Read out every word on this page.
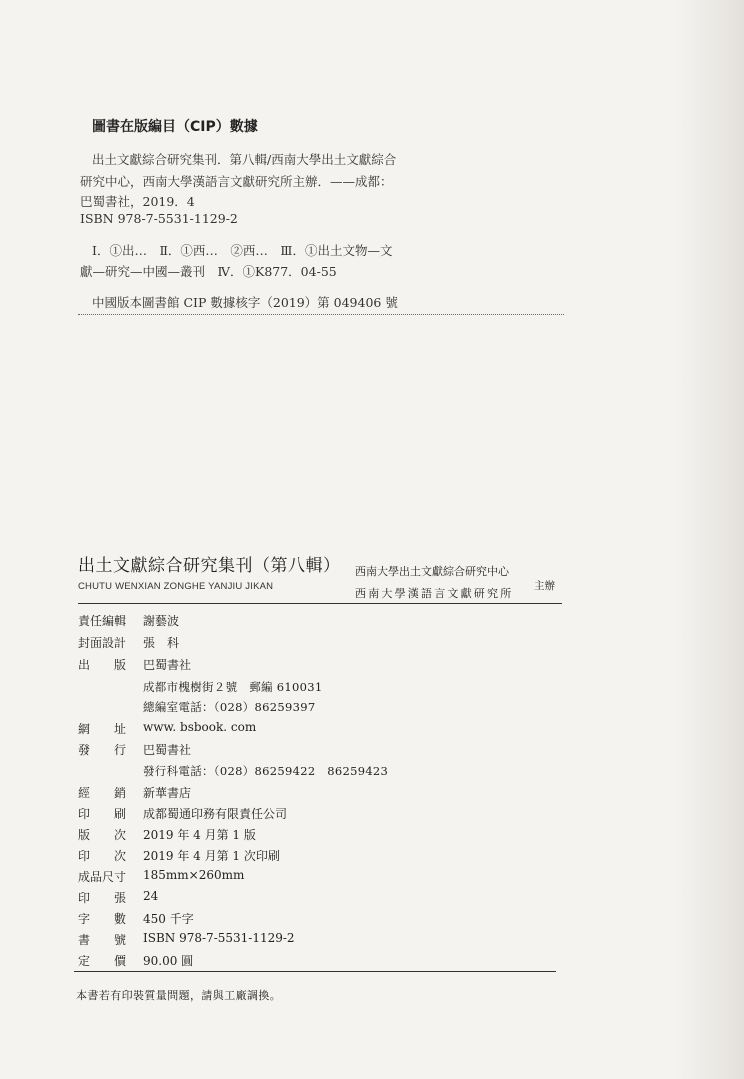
圖書在版編目（CIP）數據
出土文獻綜合研究集刊．第八輯/西南大學出土文獻綜合
研究中心，西南大學漢語言文獻研究所主辦．——成都：
巴蜀書社，2019．4
ISBN 978-7-5531-1129-2
Ⅰ．①出…　Ⅱ．①西…　②西…　Ⅲ．①出土文物—文
獻—研究—中國—叢刊　Ⅳ．①K877．04-55
中國版本圖書館 CIP 數據核字（2019）第 049406 號
出土文獻綜合研究集刊（第八輯）
CHUTU WENXIAN ZONGHE YANJIU JIKAN
西南大學出土文獻綜合研究中心
西南大學漢語言文獻研究所
主辦
責任編輯 謝藝波
封面設計 張　科
出　　版 巴蜀書社
成都市槐樹街２號　郵編 610031
總編室電話：（028）86259397
網　　址 www. bsbook. com
發　　行 巴蜀書社
發行科電話：（028）86259422　86259423
經　　銷 新華書店
印　　刷 成都蜀通印務有限責任公司
版　　次 2019 年 4 月第 1 版
印　　次 2019 年 4 月第 1 次印刷
成品尺寸 185mm×260mm
印　　張 24
字　　數 450 千字
書　　號 ISBN 978-7-5531-1129-2
定　　價 90.00 圓
本書若有印裝質量問題，請與工廠調換。
